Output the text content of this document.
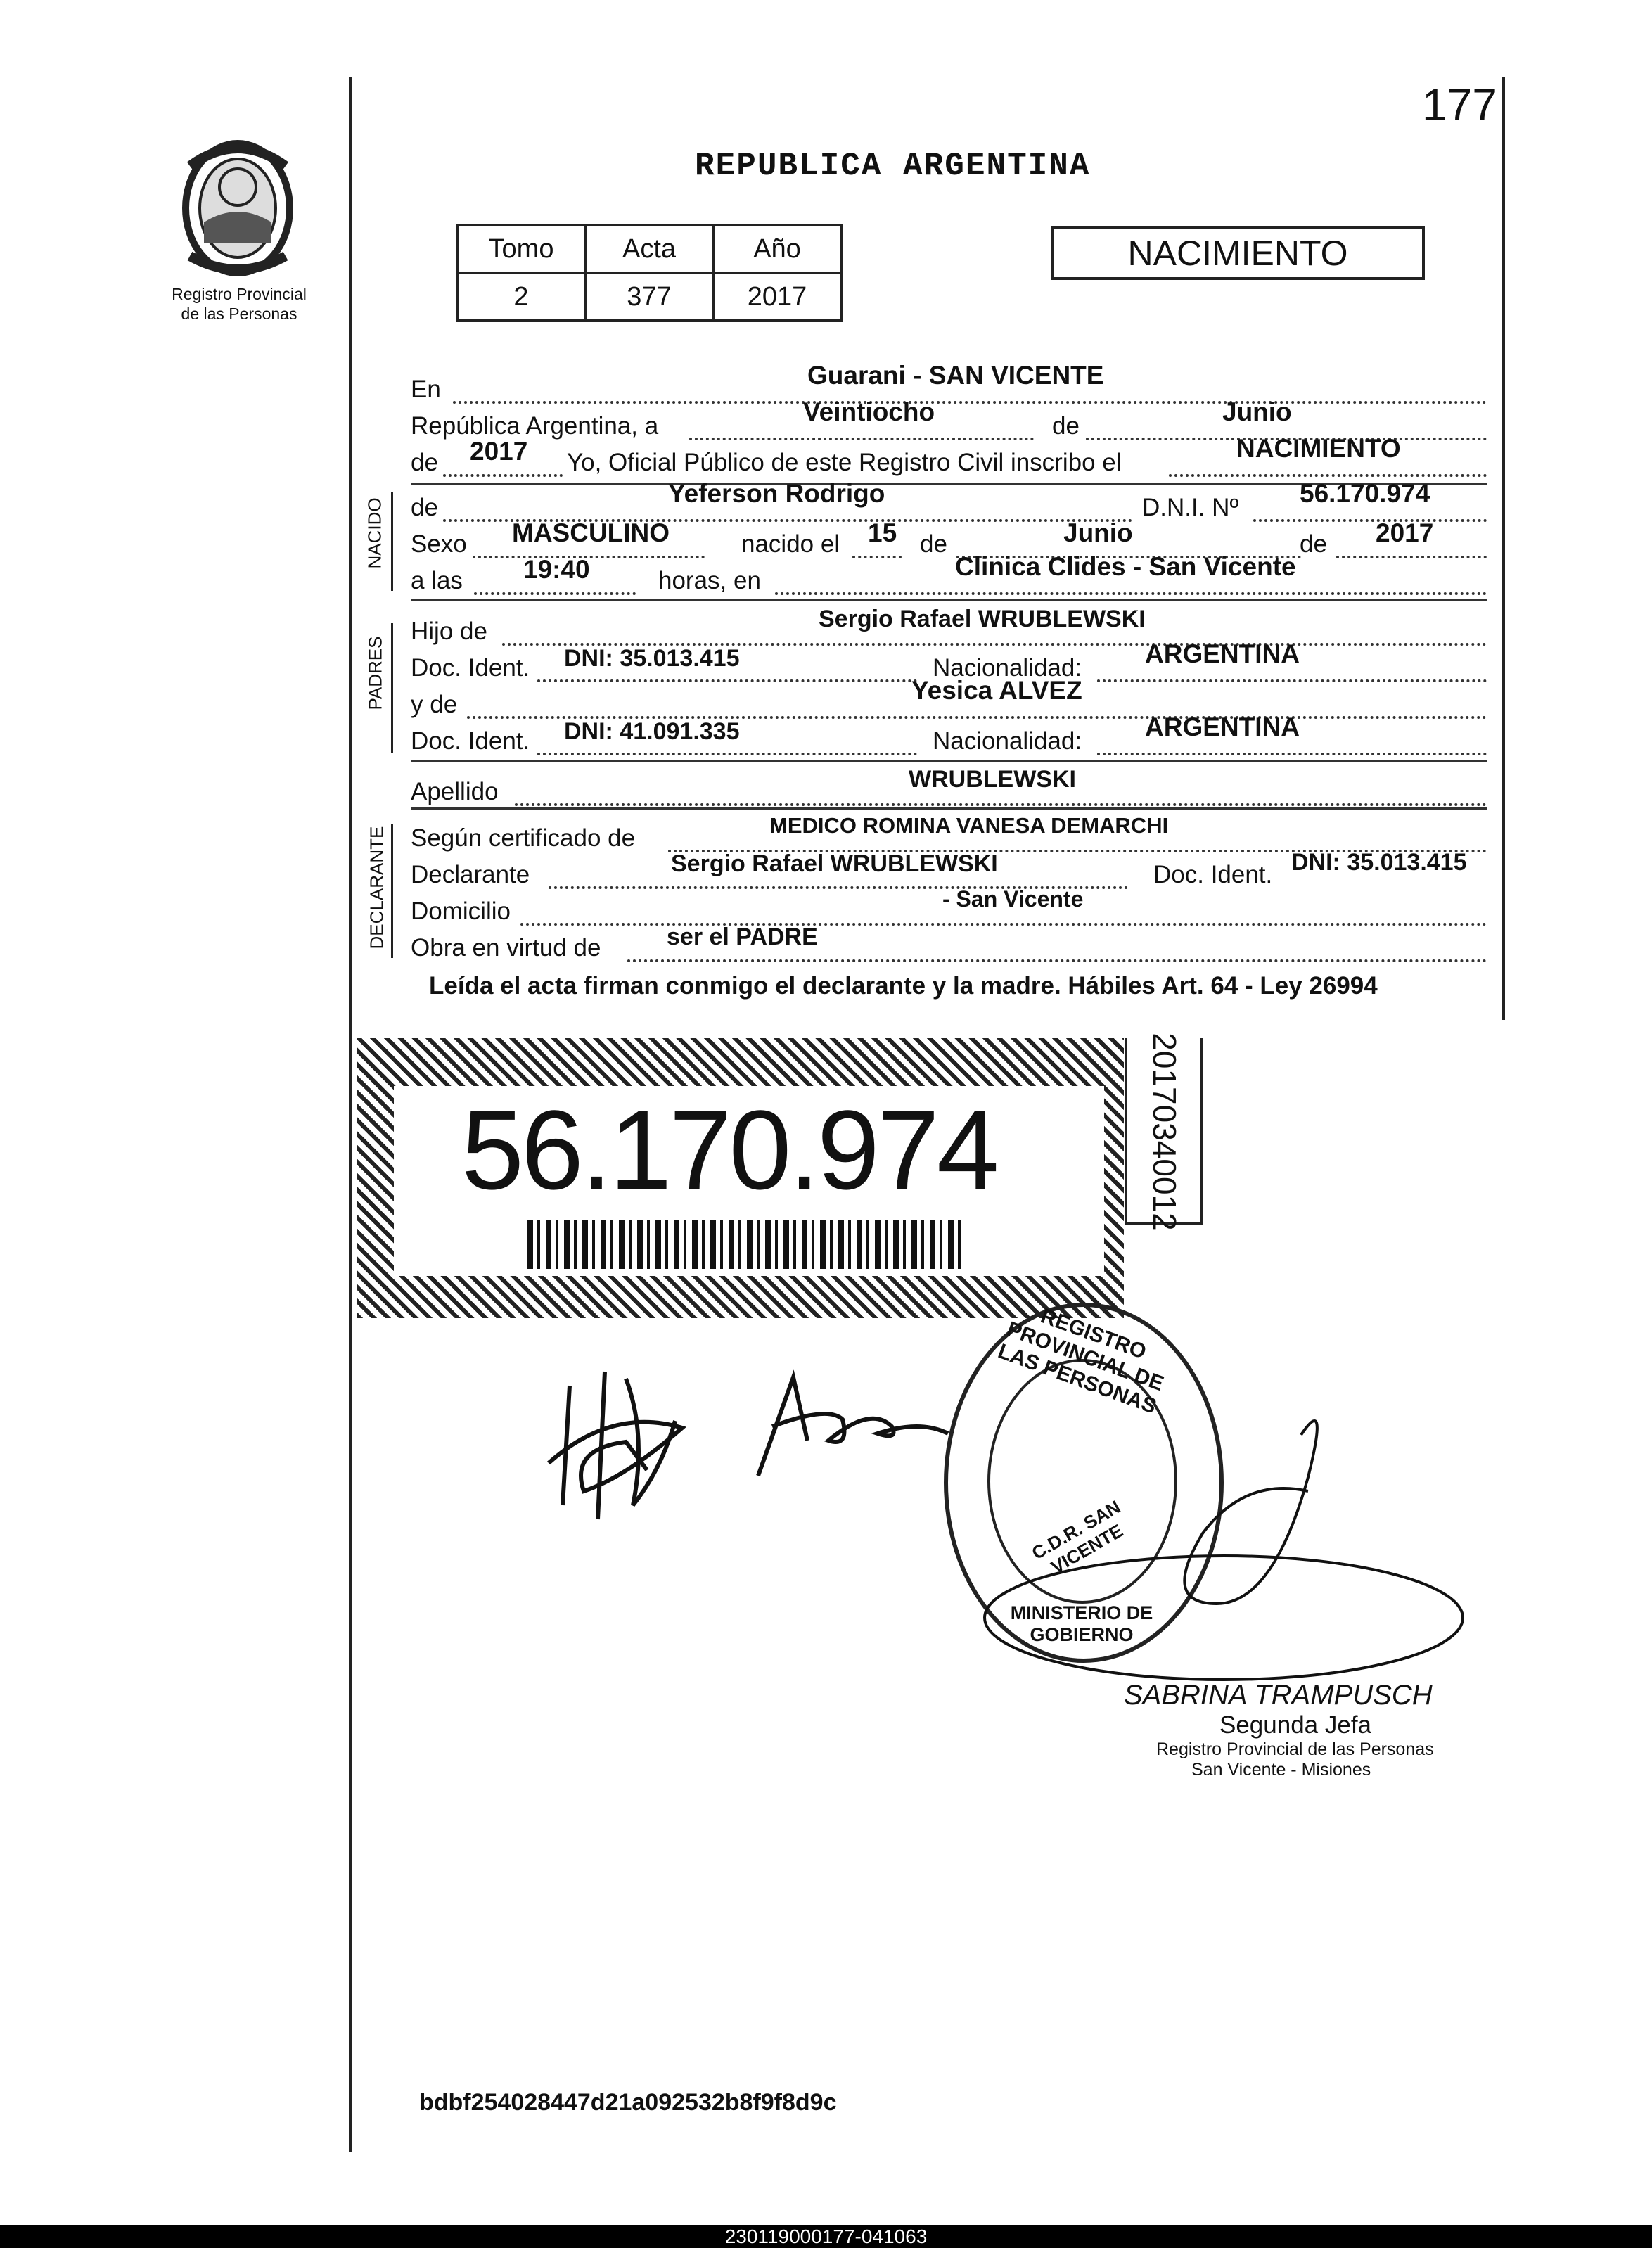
177
Registro Provincial
de las Personas
REPUBLICA ARGENTINA
Tomo	Acta	Año
2	377	2017
NACIMIENTO
NACIDO
PADRES
DECLARANTE
En	Guarani - SAN VICENTE
República Argentina, a	Veintiocho	de	Junio
de 2017 Yo, Oficial Público de este Registro Civil inscribo el	NACIMIENTO
de	Yeferson Rodrigo	D.N.I. Nº 56.170.974
Sexo MASCULINO	nacido el 15 de	Junio	de 2017
a las 19:40	horas, en	Clinica Clides - San Vicente
Hijo de	Sergio Rafael WRUBLEWSKI
Doc. Ident. DNI: 35.013.415	Nacionalidad: ARGENTINA
y de	Yesica ALVEZ
Doc. Ident. DNI: 41.091.335	Nacionalidad: ARGENTINA
Apellido	WRUBLEWSKI
Según certificado de	MEDICO ROMINA VANESA DEMARCHI
Declarante	Sergio Rafael WRUBLEWSKI	Doc. Ident. DNI: 35.013.415
Domicilio	- San Vicente
Obra en virtud de	ser el PADRE
Leída el acta firman conmigo el declarante y la madre. Hábiles Art. 64 - Ley 26994
56.170.974	20170340012
REGISTRO PROVINCIAL DE LAS PERSONAS
C.D.R. SAN VICENTE
MINISTERIO DE GOBIERNO
SABRINA TRAMPUSCH
Segunda Jefa
Registro Provincial de las Personas
San Vicente - Misiones
bdbf254028447d21a092532b8f9f8d9c
230119000177-041063
